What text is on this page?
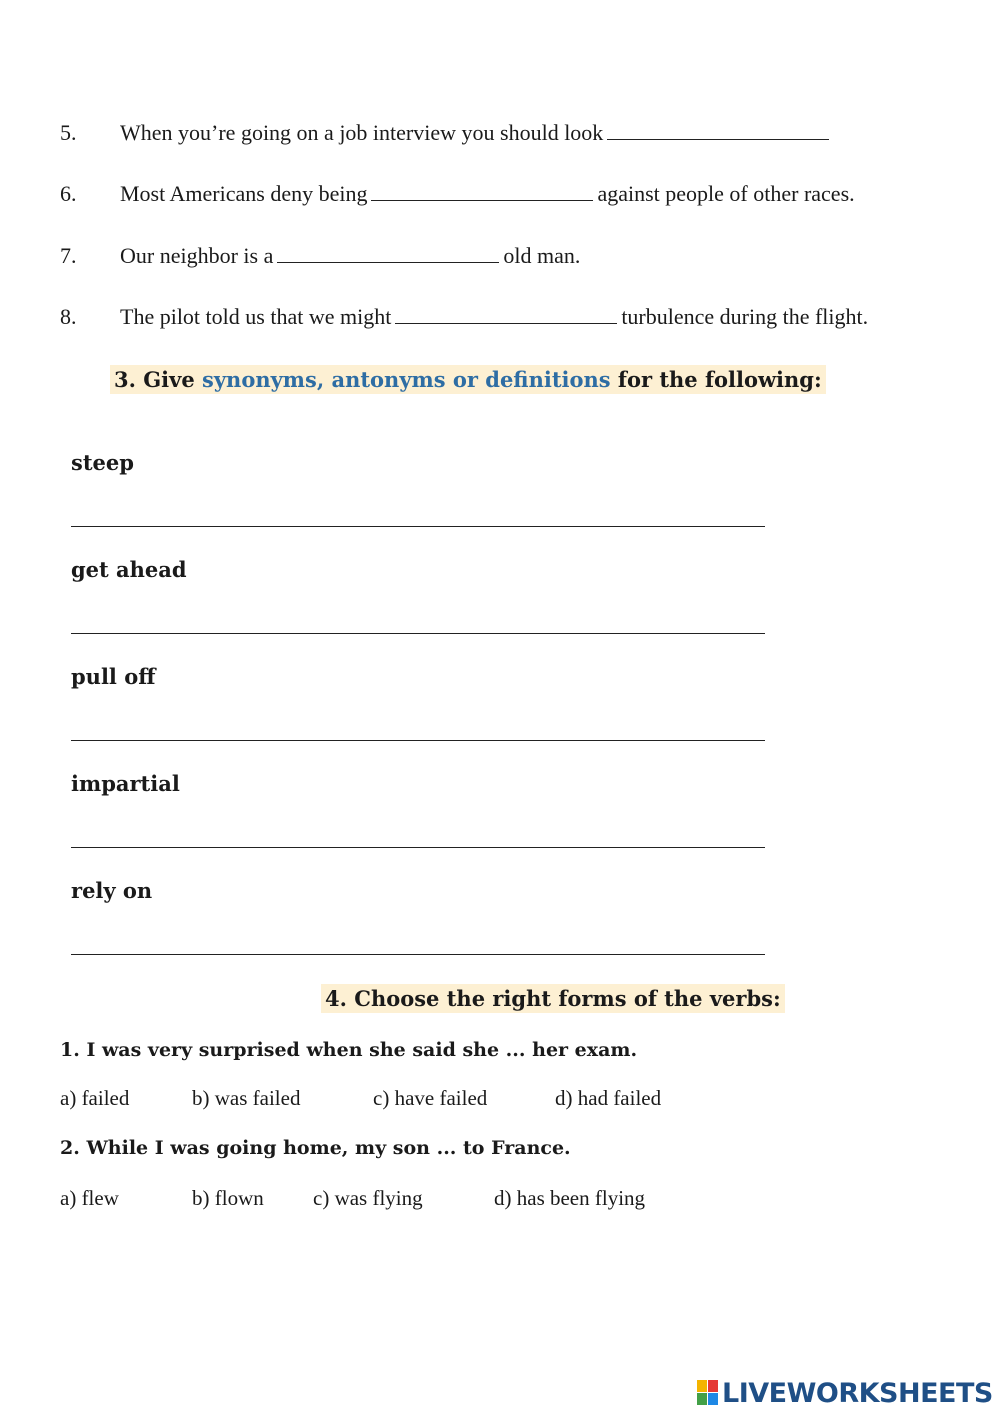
5. When you’re going on a job interview you should look
6. Most Americans deny being	against people of other races.
7. Our neighbor is a	old man.
8. The pilot told us that we might	turbulence during the flight.
3. Give synonyms, antonyms or definitions for the following:
steep
get ahead
pull off
impartial
rely on
4. Choose the right forms of the verbs:
1. I was very surprised when she said she ... her exam.
a) failed	b) was failed	c) have failed	d) had failed
2. While I was going home, my son ... to France.
a) flew	b) flown c) was flying	d) has been flying
LIVEWORKSHEETS
